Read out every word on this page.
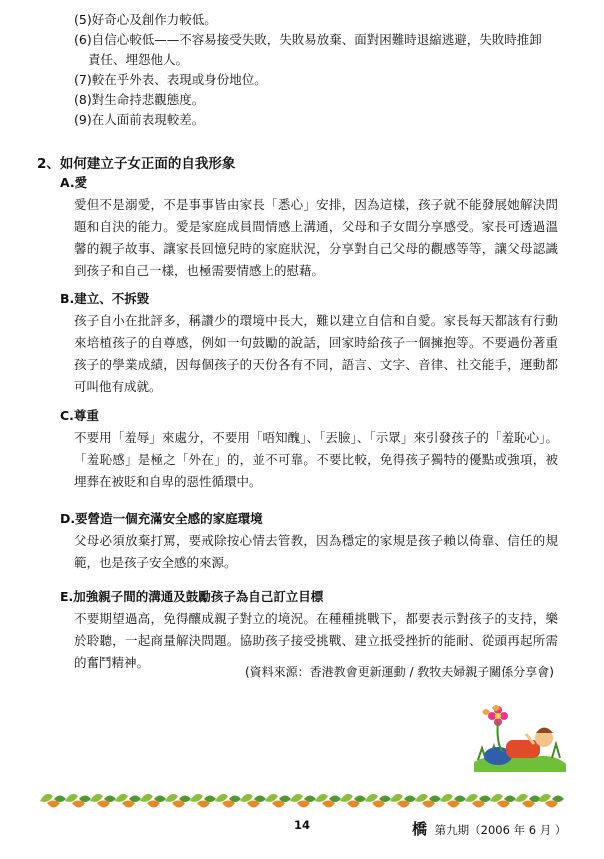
(5)好奇心及創作力較低。
(6)自信心較低——不容易接受失敗，失敗易放棄、面對困難時退縮逃避，失敗時推卸
責任、埋怨他人。
(7)較在乎外表、表現或身份地位。
(8)對生命持悲觀態度。
(9)在人面前表現較差。
2、如何建立子女正面的自我形象
A.愛
愛但不是溺愛，不是事事皆由家長「悉心」安排，因為這樣，孩子就不能發展她解決問題和自決的能力。愛是家庭成員間情感上溝通，父母和子女間分享感受。家長可透過溫馨的親子故事、讓家長回憶兒時的家庭狀況，分享對自己父母的觀感等等，讓父母認識到孩子和自己一樣，也極需要情感上的慰藉。
B.建立、不拆毀
孩子自小在批評多，稱讚少的環境中長大，難以建立自信和自愛。家長每天都該有行動來培植孩子的自尊感，例如一句鼓勵的說話，回家時給孩子一個擁抱等。不要過份著重孩子的學業成績，因每個孩子的天份各有不同，語言、文字、音律、社交能手，運動都可叫他有成就。
C.尊重
不要用「羞辱」來處分，不要用「唔知醜」、「丟臉」、「示眾」來引發孩子的「羞恥心」。「羞恥感」是極之「外在」的，並不可靠。不要比較，免得孩子獨特的優點或強項，被埋葬在被貶和自卑的惡性循環中。
D.要營造一個充滿安全感的家庭環境
父母必須放棄打罵，要戒除按心情去管教，因為穩定的家規是孩子賴以倚靠、信任的規範，也是孩子安全感的來源。
E.加強親子間的溝通及鼓勵孩子為自己訂立目標
不要期望過高，免得釀成親子對立的境況。在種種挑戰下，都要表示對孩子的支持，樂於聆聽，一起商量解決問題。協助孩子接受挑戰、建立抵受挫折的能耐、從頭再起所需的奮鬥精神。
(資料來源：香港教會更新運動 / 敎牧夫婦親子關係分享會)
14	橋 第九期（2006 年 6 月 ）
